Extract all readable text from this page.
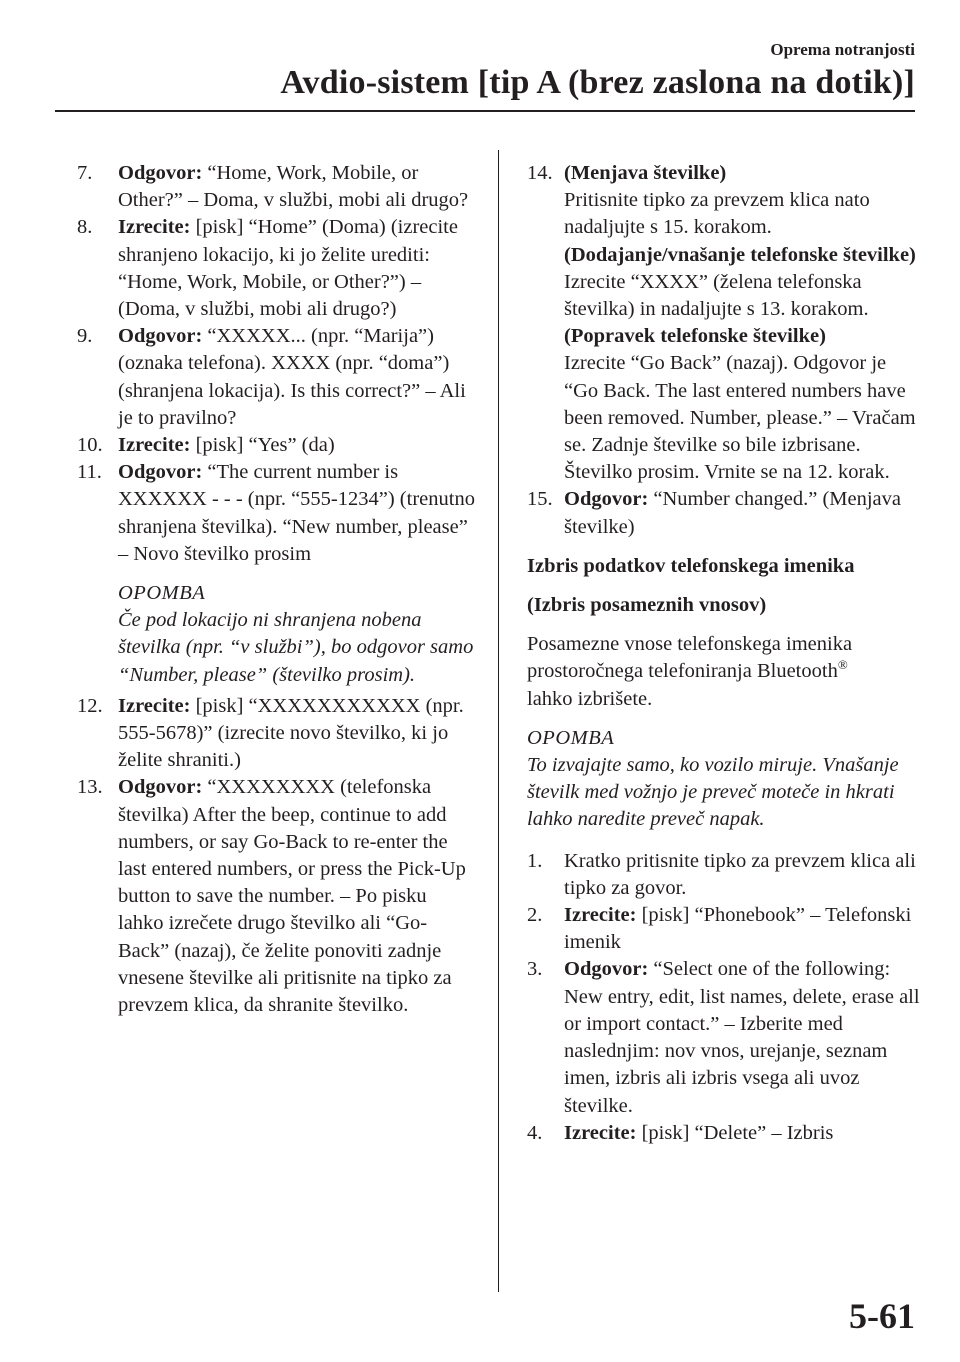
Oprema notranjosti
Avdio-sistem [tip A (brez zaslona na dotik)]
7.	Odgovor: “Home, Work, Mobile, or Other?” – Doma, v službi, mobi ali drugo?
8.	Izrecite: [pisk] “Home” (Doma) (izrecite shranjeno lokacijo, ki jo želite urediti: “Home, Work, Mobile, or Other?”) – (Doma, v službi, mobi ali drugo?)
9.	Odgovor: “XXXXX... (npr. “Marija”) (oznaka telefona). XXXX (npr. “doma”) (shranjena lokacija). Is this correct?” – Ali je to pravilno?
10. Izrecite: [pisk] “Yes” (da)
11. Odgovor: “The current number is XXXXXX - - - (npr. “555-1234”) (trenutno shranjena številka). “New number, please” – Novo številko prosim
OPOMBA
Če pod lokacijo ni shranjena nobena številka (npr. “v službi”), bo odgovor samo “Number, please” (številko prosim).
12. Izrecite: [pisk] “XXXXXXXXXXX (npr. 555-5678)” (izrecite novo številko, ki jo želite shraniti.)
13. Odgovor: “XXXXXXXX (telefonska številka) After the beep, continue to add numbers, or say Go-Back to re-enter the last entered numbers, or press the Pick-Up button to save the number. – Po pisku lahko izrečete drugo številko ali “Go-Back” (nazaj), če želite ponoviti zadnje vnesene številke ali pritisnite na tipko za prevzem klica, da shranite številko.
14. (Menjava številke)
Pritisnite tipko za prevzem klica nato nadaljujte s 15. korakom.
(Dodajanje/vnašanje telefonske številke)
Izrecite “XXXX” (želena telefonska številka) in nadaljujte s 13. korakom.
(Popravek telefonske številke)
Izrecite “Go Back” (nazaj). Odgovor je “Go Back. The last entered numbers have been removed. Number, please.” – Vračam se. Zadnje številke so bile izbrisane. Številko prosim. Vrnite se na 12. korak.
15. Odgovor: “Number changed.” (Menjava številke)
Izbris podatkov telefonskega imenika
(Izbris posameznih vnosov)
Posamezne vnose telefonskega imenika prostoročnega telefoniranja Bluetooth®
lahko izbrišete.
OPOMBA
To izvajajte samo, ko vozilo miruje. Vnašanje številk med vožnjo je preveč moteče in hkrati lahko naredite preveč napak.
1.	Kratko pritisnite tipko za prevzem klica ali tipko za govor.
2.	Izrecite: [pisk] “Phonebook” – Telefonski imenik
3.	Odgovor: “Select one of the following: New entry, edit, list names, delete, erase all or import contact.” – Izberite med naslednjim: nov vnos, urejanje, seznam imen, izbris ali izbris vsega ali uvoz številke.
4.	Izrecite: [pisk] “Delete” – Izbris
5-61
